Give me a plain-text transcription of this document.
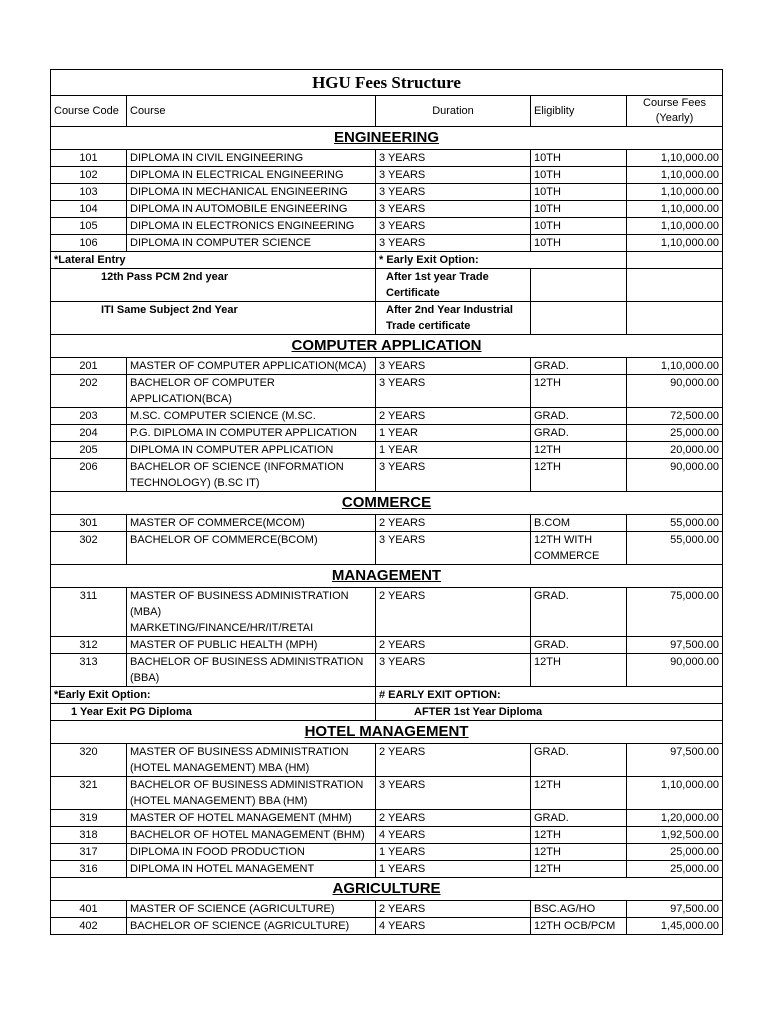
HGU Fees Structure				
Course Code	Course	Duration	Eligiblity	Course Fees
(Yearly)

ENGINEERING				
101	DIPLOMA IN CIVIL ENGINEERING	3 YEARS	10TH	1,10,000.00
102	DIPLOMA IN ELECTRICAL ENGINEERING	3 YEARS	10TH	1,10,000.00
103	DIPLOMA IN MECHANICAL ENGINEERING	3 YEARS	10TH	1,10,000.00
104	DIPLOMA IN AUTOMOBILE ENGINEERING	3 YEARS	10TH	1,10,000.00
105	DIPLOMA IN ELECTRONICS ENGINEERING	3 YEARS	10TH	1,10,000.00
106	DIPLOMA IN COMPUTER SCIENCE	3 YEARS	10TH	1,10,000.00
*Lateral Entry		* Early Exit Option:		
12th Pass PCM 2nd year		After 1st year Trade
Certificate		

ITI Same Subject 2nd Year		After 2nd Year Industrial
Trade certificate		

COMPUTER APPLICATION				
201	MASTER OF COMPUTER APPLICATION(MCA)	3 YEARS	GRAD.	1,10,000.00
202	BACHELOR OF COMPUTER APPLICATION(BCA)	3 YEARS	12TH	90,000.00
203	M.SC. COMPUTER SCIENCE (M.SC.	2 YEARS	GRAD.	72,500.00
204	P.G. DIPLOMA IN COMPUTER APPLICATION	1 YEAR	GRAD.	25,000.00
205	DIPLOMA IN COMPUTER APPLICATION	1 YEAR	12TH	20,000.00
206	BACHELOR OF SCIENCE (INFORMATION
TECHNOLOGY) (B.SC IT)	3 YEARS	12TH	90,000.00
COMMERCE				
301	MASTER OF COMMERCE(MCOM)	2 YEARS	B.COM	55,000.00
302	BACHELOR OF COMMERCE(BCOM)	3 YEARS	12TH WITH
COMMERCE	55,000.00
MANAGEMENT				
311	MASTER OF BUSINESS ADMINISTRATION (MBA)
MARKETING/FINANCE/HR/IT/RETAI	2 YEARS	GRAD.	75,000.00
312	MASTER OF PUBLIC HEALTH (MPH)	2 YEARS	GRAD.	97,500.00
313	BACHELOR OF BUSINESS ADMINISTRATION
(BBA)	3 YEARS	12TH	90,000.00
*Early Exit Option:		# EARLY EXIT OPTION:		
1 Year Exit PG Diploma		AFTER 1st Year Diploma		
HOTEL MANAGEMENT				
320	MASTER OF BUSINESS ADMINISTRATION
(HOTEL MANAGEMENT) MBA (HM)	2 YEARS	GRAD.	97,500.00
321	BACHELOR OF BUSINESS ADMINISTRATION
(HOTEL MANAGEMENT) BBA (HM)	3 YEARS	12TH	1,10,000.00
319	MASTER OF HOTEL MANAGEMENT (MHM)	2 YEARS	GRAD.	1,20,000.00
318	BACHELOR OF HOTEL MANAGEMENT (BHM)	4 YEARS	12TH	1,92,500.00
317	DIPLOMA IN FOOD PRODUCTION	1 YEARS	12TH	25,000.00
316	DIPLOMA IN HOTEL MANAGEMENT	1 YEARS	12TH	25,000.00
AGRICULTURE				
401	MASTER OF SCIENCE (AGRICULTURE)	2 YEARS	BSC.AG/HO	97,500.00
402	BACHELOR OF SCIENCE (AGRICULTURE)	4 YEARS	12TH OCB/PCM	1,45,000.00
